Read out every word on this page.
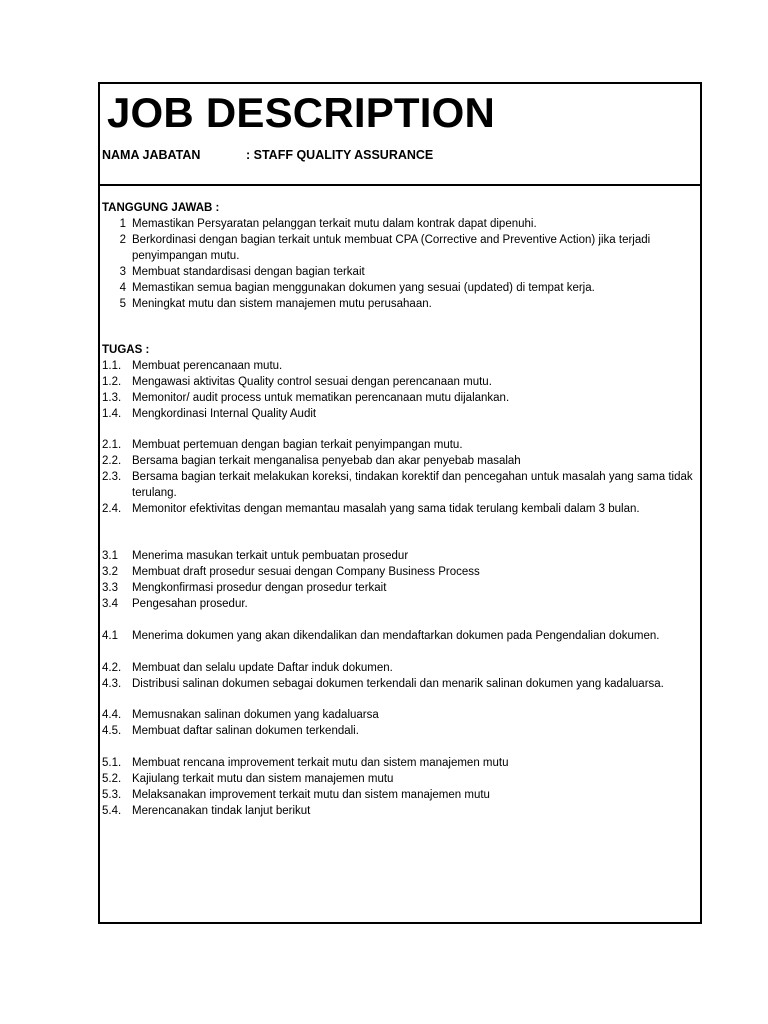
JOB DESCRIPTION
NAMA JABATAN	: STAFF QUALITY ASSURANCE
TANGGUNG JAWAB :
1 Memastikan Persyaratan pelanggan terkait mutu dalam kontrak dapat dipenuhi.
2 Berkordinasi dengan bagian terkait untuk membuat CPA (Corrective and Preventive Action) jika terjadi penyimpangan mutu.
3 Membuat standardisasi dengan bagian terkait
4 Memastikan semua bagian menggunakan dokumen yang sesuai (updated) di tempat kerja.
5 Meningkat mutu dan sistem manajemen mutu perusahaan.
TUGAS :
1.1. Membuat perencanaan mutu.
1.2. Mengawasi aktivitas Quality control sesuai dengan perencanaan mutu.
1.3. Memonitor/ audit process untuk mematikan perencanaan mutu dijalankan.
1.4. Mengkordinasi Internal Quality Audit
2.1. Membuat pertemuan dengan bagian terkait penyimpangan mutu.
2.2. Bersama bagian terkait menganalisa penyebab dan akar penyebab masalah
2.3. Bersama bagian terkait melakukan koreksi, tindakan korektif dan pencegahan untuk masalah yang sama tidak terulang.
2.4. Memonitor efektivitas dengan memantau masalah yang sama tidak terulang kembali dalam 3 bulan.
3.1 Menerima masukan terkait untuk pembuatan prosedur
3.2 Membuat draft prosedur sesuai dengan Company Business Process
3.3 Mengkonfirmasi prosedur dengan prosedur terkait
3.4 Pengesahan prosedur.
4.1 Menerima dokumen yang akan dikendalikan dan mendaftarkan dokumen pada Pengendalian dokumen.
4.2. Membuat dan selalu update Daftar induk dokumen.
4.3. Distribusi salinan dokumen sebagai dokumen terkendali dan menarik salinan dokumen yang kadaluarsa.
4.4. Memusnakan salinan dokumen yang kadaluarsa
4.5. Membuat daftar salinan dokumen terkendali.
5.1. Membuat rencana improvement terkait mutu dan sistem manajemen mutu
5.2. Kajiulang terkait mutu dan sistem manajemen mutu
5.3. Melaksanakan improvement terkait mutu dan sistem manajemen mutu
5.4. Merencanakan tindak lanjut berikut
